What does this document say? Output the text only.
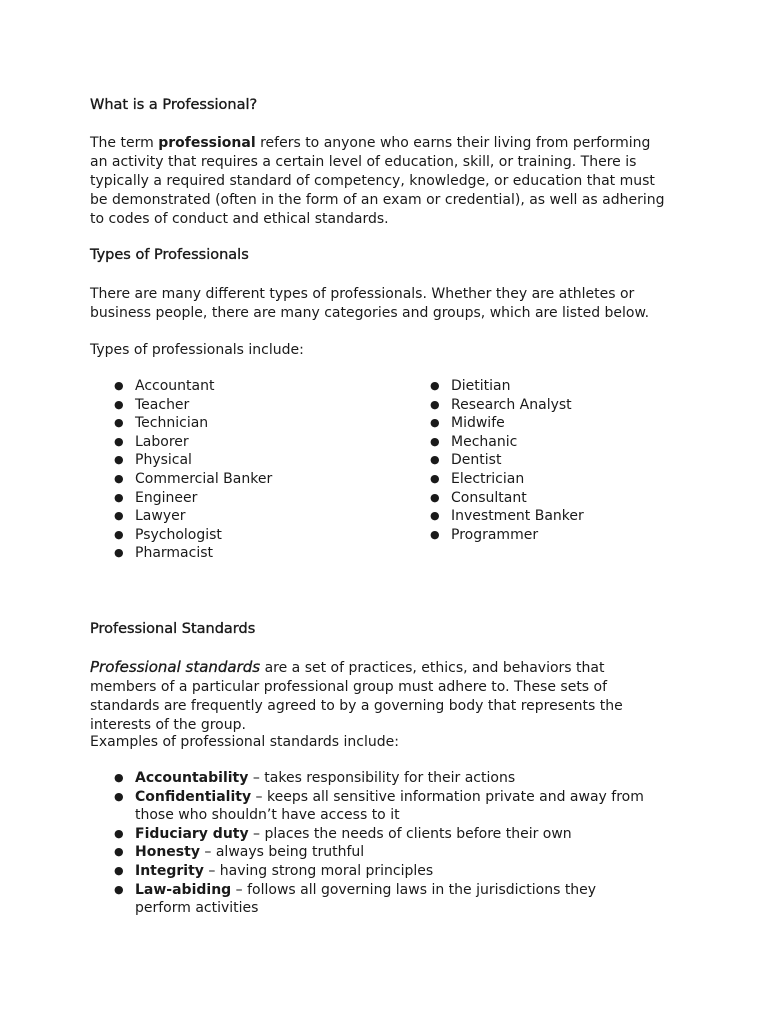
What is a Professional?

The term professional refers to anyone who earns their living from performing an activity that requires a certain level of education, skill, or training. There is typically a required standard of competency, knowledge, or education that must be demonstrated (often in the form of an exam or credential), as well as adhering to codes of conduct and ethical standards.

Types of Professionals

There are many different types of professionals. Whether they are athletes or business people, there are many categories and groups, which are listed below.

Types of professionals include:

● Accountant
● Teacher
● Technician
● Laborer
● Physical
● Commercial Banker
● Engineer
● Lawyer
● Psychologist
● Pharmacist
● Dietitian
● Research Analyst
● Midwife
● Mechanic
● Dentist
● Electrician
● Consultant
● Investment Banker
● Programmer
Professional Standards

Professional standards are a set of practices, ethics, and behaviors that members of a particular professional group must adhere to. These sets of standards are frequently agreed to by a governing body that represents the interests of the group.

Examples of professional standards include:

● Accountability – takes responsibility for their actions
● Confidentiality – keeps all sensitive information private and away from those who shouldn’t have access to it
● Fiduciary duty – places the needs of clients before their own
● Honesty – always being truthful
● Integrity – having strong moral principles
● Law-abiding – follows all governing laws in the jurisdictions they perform activities
